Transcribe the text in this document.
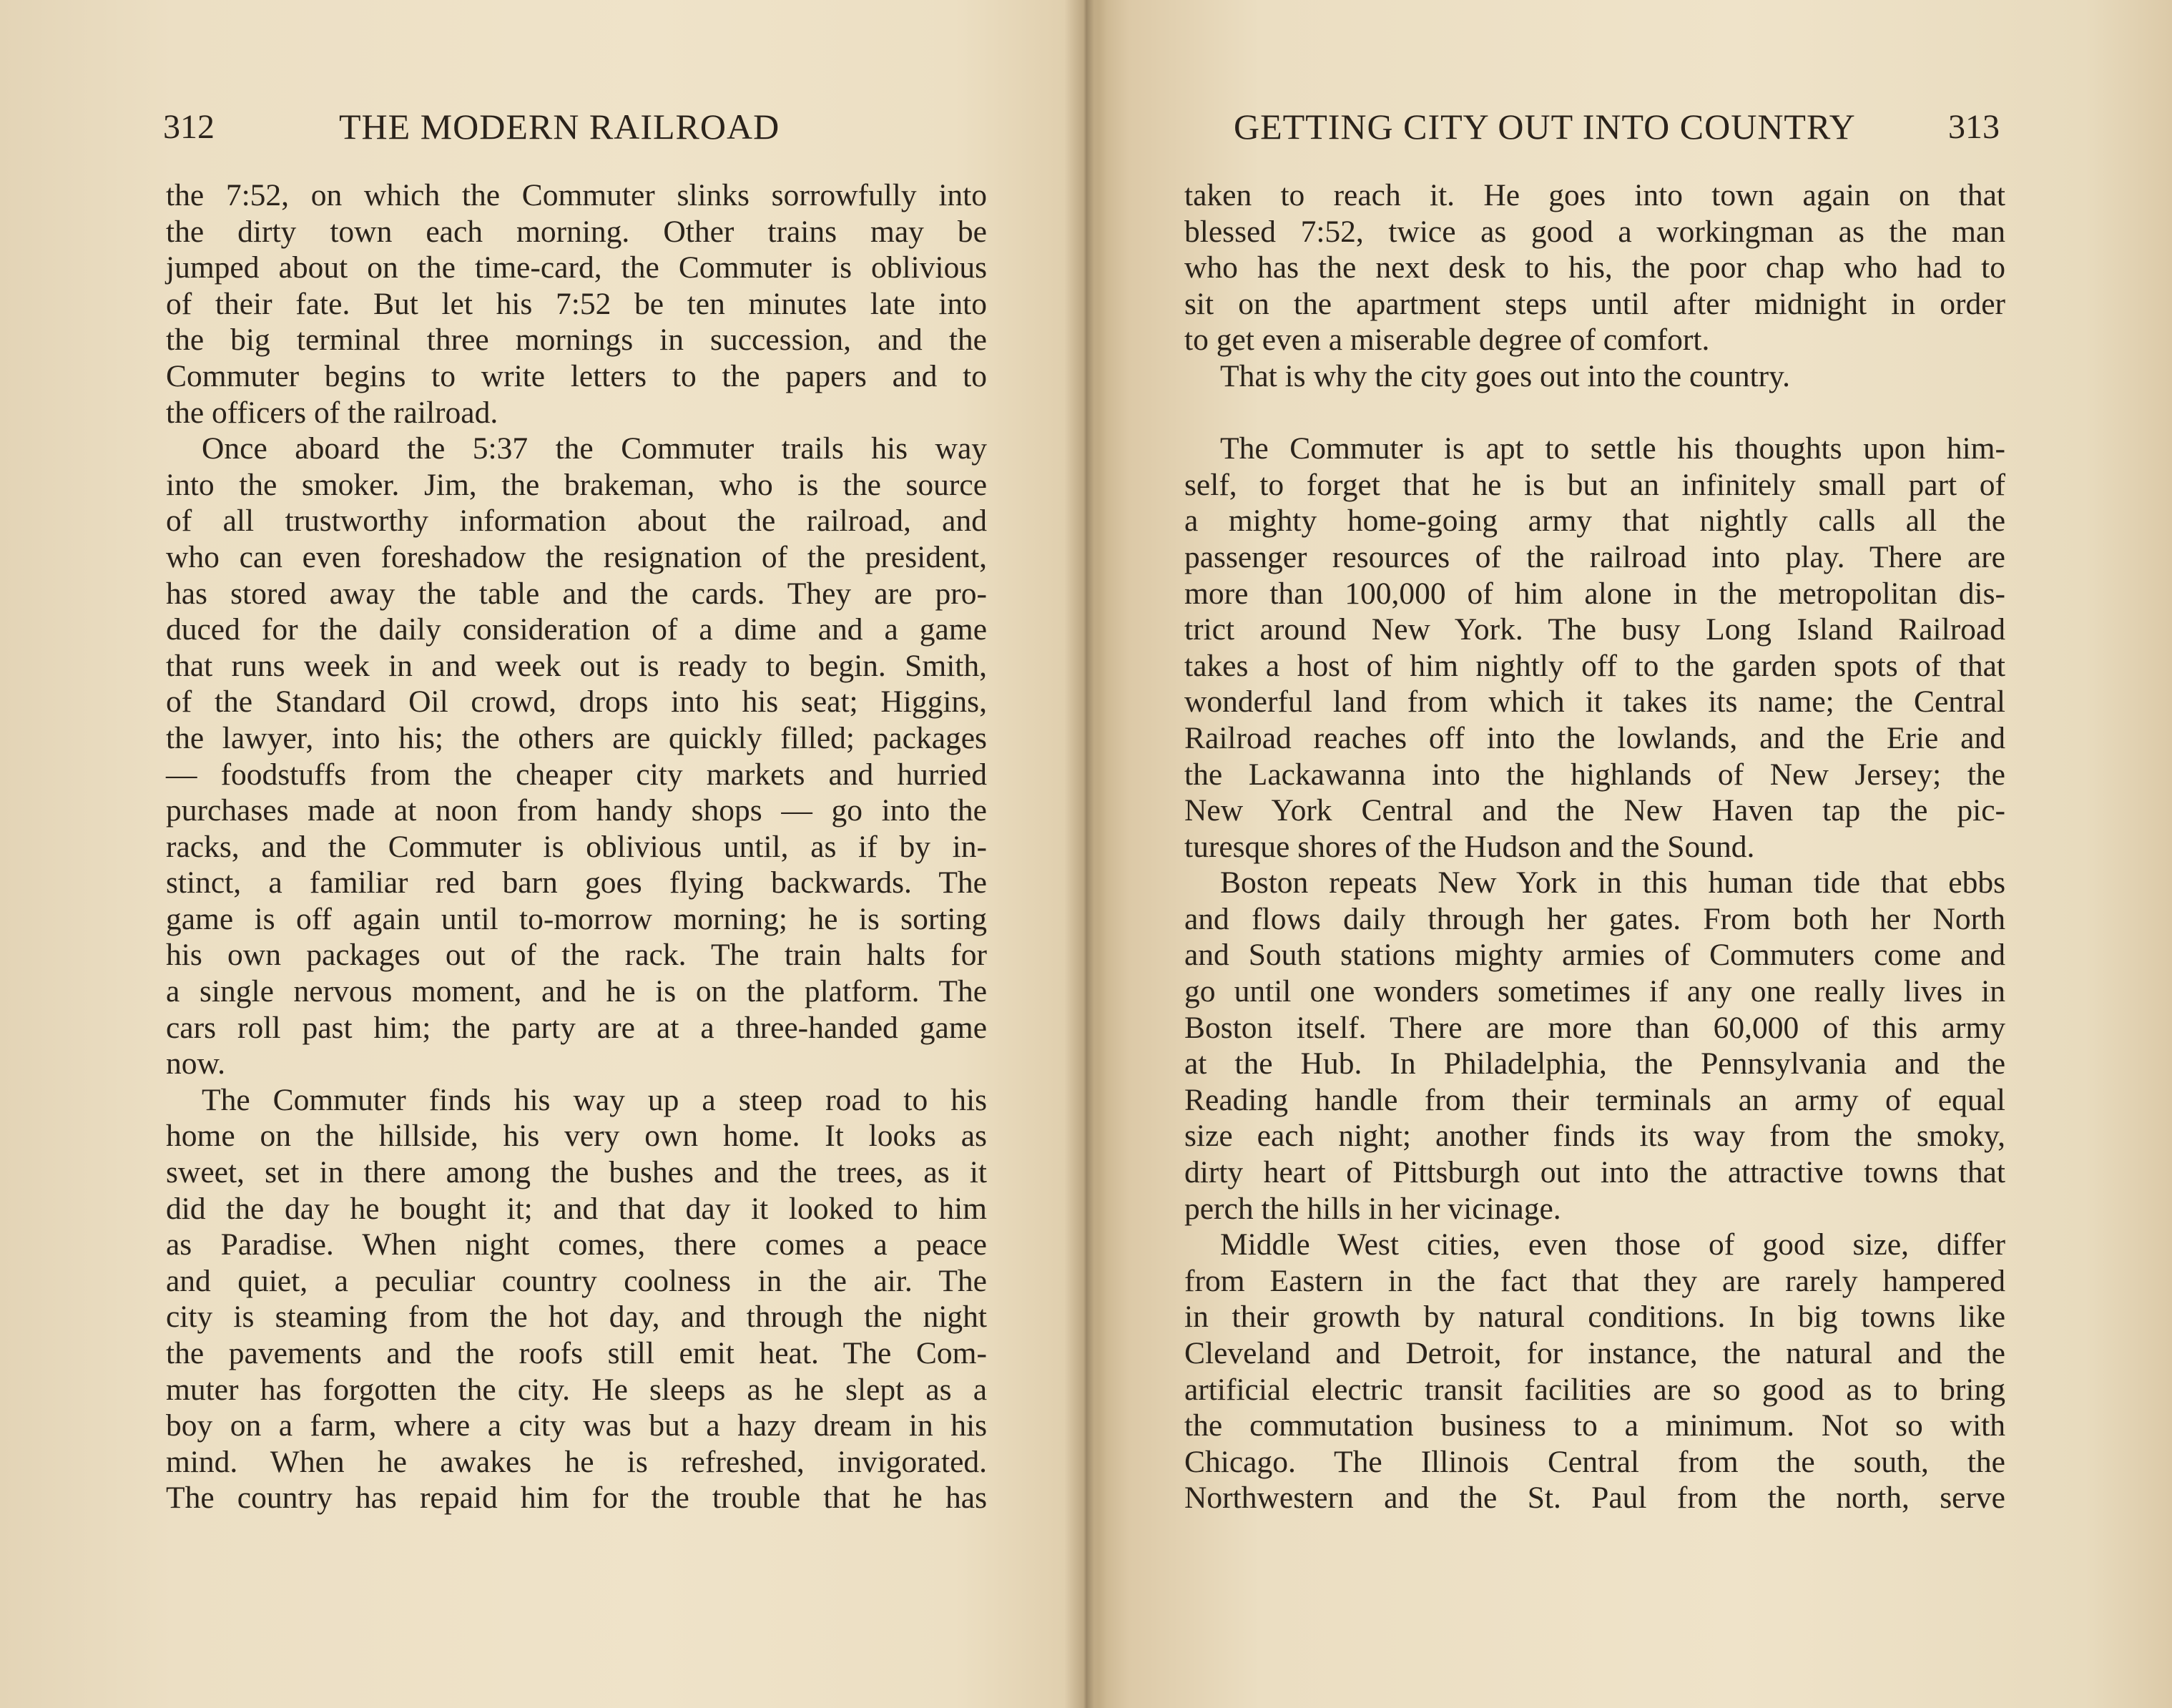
312	THE MODERN RAILROAD
the 7:52, on which the Commuter slinks sorrowfully into
the dirty town each morning. Other trains may be
jumped about on the time-card, the Commuter is oblivious
of their fate. But let his 7:52 be ten minutes late into
the big terminal three mornings in succession, and the
Commuter begins to write letters to the papers and to
the officers of the railroad.
Once aboard the 5:37 the Commuter trails his way
into the smoker. Jim, the brakeman, who is the source
of all trustworthy information about the railroad, and
who can even foreshadow the resignation of the president,
has stored away the table and the cards. They are pro-
duced for the daily consideration of a dime and a game
that runs week in and week out is ready to begin. Smith,
of the Standard Oil crowd, drops into his seat; Higgins,
the lawyer, into his; the others are quickly filled; packages
— foodstuffs from the cheaper city markets and hurried
purchases made at noon from handy shops — go into the
racks, and the Commuter is oblivious until, as if by in-
stinct, a familiar red barn goes flying backwards. The
game is off again until to-morrow morning; he is sorting
his own packages out of the rack. The train halts for
a single nervous moment, and he is on the platform. The
cars roll past him; the party are at a three-handed game
now.
The Commuter finds his way up a steep road to his
home on the hillside, his very own home. It looks as
sweet, set in there among the bushes and the trees, as it
did the day he bought it; and that day it looked to him
as Paradise. When night comes, there comes a peace
and quiet, a peculiar country coolness in the air. The
city is steaming from the hot day, and through the night
the pavements and the roofs still emit heat. The Com-
muter has forgotten the city. He sleeps as he slept as a
boy on a farm, where a city was but a hazy dream in his
mind. When he awakes he is refreshed, invigorated.
The country has repaid him for the trouble that he has
GETTING CITY OUT INTO COUNTRY	313
taken to reach it. He goes into town again on that
blessed 7:52, twice as good a workingman as the man
who has the next desk to his, the poor chap who had to
sit on the apartment steps until after midnight in order
to get even a miserable degree of comfort.
That is why the city goes out into the country.
The Commuter is apt to settle his thoughts upon him-
self, to forget that he is but an infinitely small part of
a mighty home-going army that nightly calls all the
passenger resources of the railroad into play. There are
more than 100,000 of him alone in the metropolitan dis-
trict around New York. The busy Long Island Railroad
takes a host of him nightly off to the garden spots of that
wonderful land from which it takes its name; the Central
Railroad reaches off into the lowlands, and the Erie and
the Lackawanna into the highlands of New Jersey; the
New York Central and the New Haven tap the pic-
turesque shores of the Hudson and the Sound.
Boston repeats New York in this human tide that ebbs
and flows daily through her gates. From both her North
and South stations mighty armies of Commuters come and
go until one wonders sometimes if any one really lives in
Boston itself. There are more than 60,000 of this army
at the Hub. In Philadelphia, the Pennsylvania and the
Reading handle from their terminals an army of equal
size each night; another finds its way from the smoky,
dirty heart of Pittsburgh out into the attractive towns that
perch the hills in her vicinage.
Middle West cities, even those of good size, differ
from Eastern in the fact that they are rarely hampered
in their growth by natural conditions. In big towns like
Cleveland and Detroit, for instance, the natural and the
artificial electric transit facilities are so good as to bring
the commutation business to a minimum. Not so with
Chicago. The Illinois Central from the south, the
Northwestern and the St. Paul from the north, serve
